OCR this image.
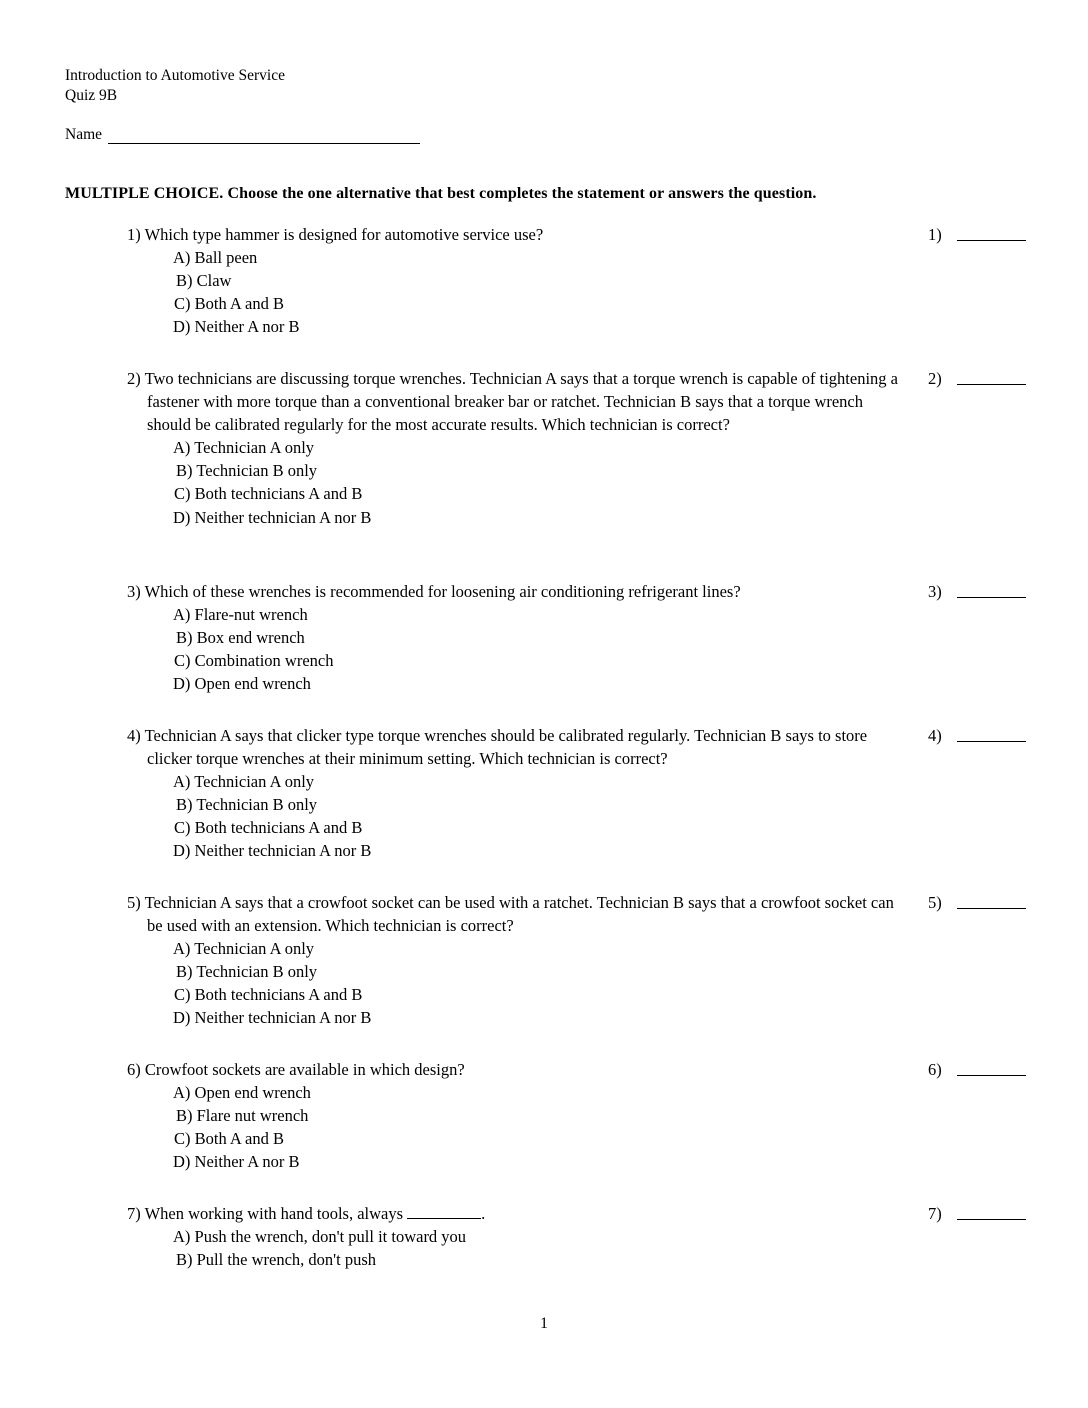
Introduction to Automotive Service
Quiz 9B
Name
MULTIPLE CHOICE. Choose the one alternative that best completes the statement or answers the question.
1) Which type hammer is designed for automotive service use?
A) Ball peen
B) Claw
C) Both A and B
D) Neither A nor B
1)
2) Two technicians are discussing torque wrenches. Technician A says that a torque wrench is capable of tightening a fastener with more torque than a conventional breaker bar or ratchet. Technician B says that a torque wrench should be calibrated regularly for the most accurate results. Which technician is correct?
A) Technician A only
B) Technician B only
C) Both technicians A and B
D) Neither technician A nor B
2)
3) Which of these wrenches is recommended for loosening air conditioning refrigerant lines?
A) Flare-nut wrench
B) Box end wrench
C) Combination wrench
D) Open end wrench
3)
4) Technician A says that clicker type torque wrenches should be calibrated regularly. Technician B says to store clicker torque wrenches at their minimum setting. Which technician is correct?
A) Technician A only
B) Technician B only
C) Both technicians A and B
D) Neither technician A nor B
4)
5) Technician A says that a crowfoot socket can be used with a ratchet. Technician B says that a crowfoot socket can be used with an extension. Which technician is correct?
A) Technician A only
B) Technician B only
C) Both technicians A and B
D) Neither technician A nor B
5)
6) Crowfoot sockets are available in which design?
A) Open end wrench
B) Flare nut wrench
C) Both A and B
D) Neither A nor B
6)
7) When working with hand tools, always	.
A) Push the wrench, don't pull it toward you
B) Pull the wrench, don't push
7)
1
